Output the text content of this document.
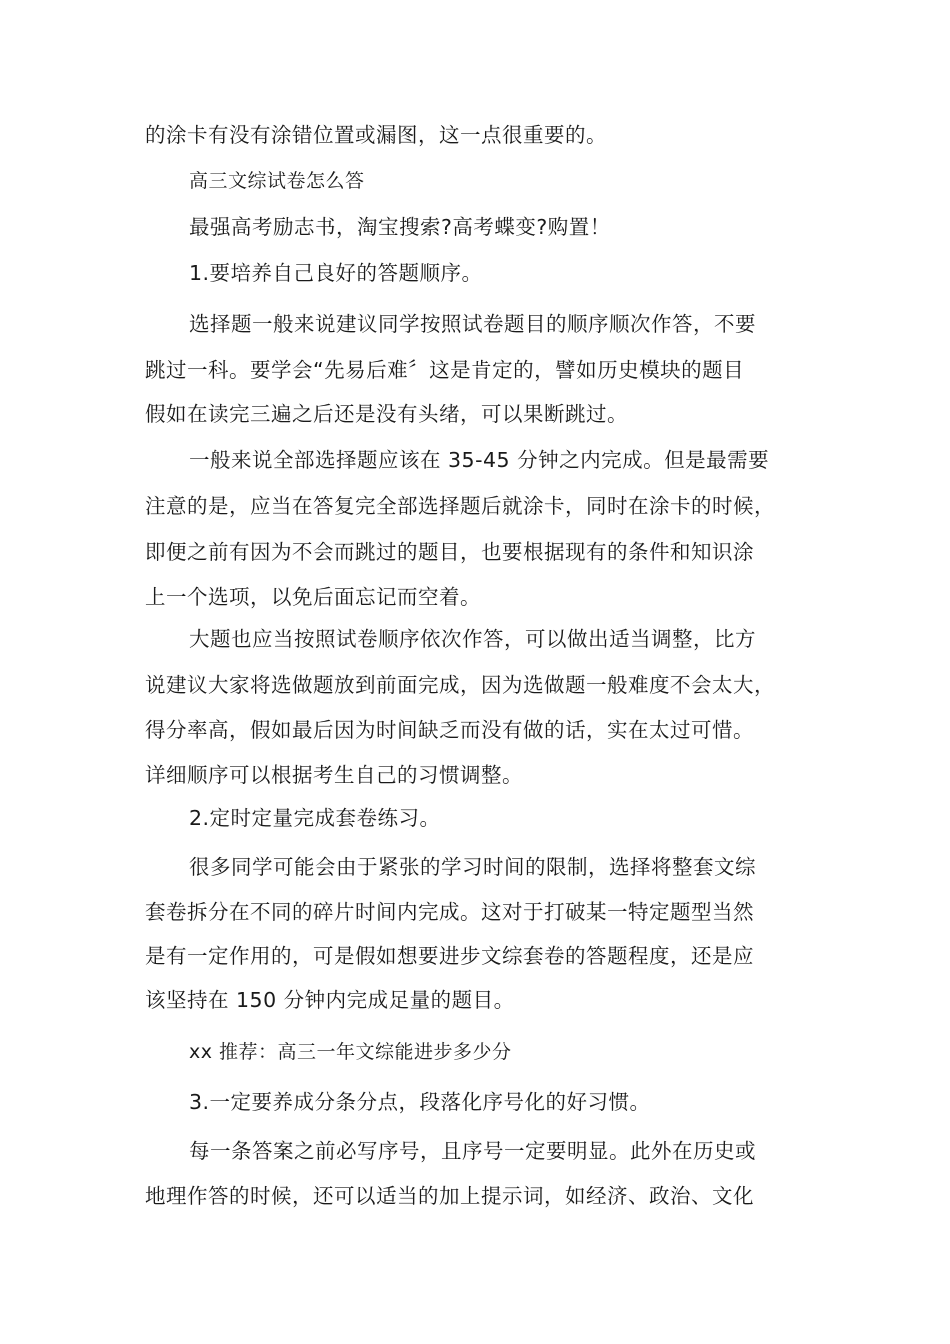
的涂卡有没有涂错位置或漏图，这一点很重要的。
高三文综试卷怎么答
最强高考励志书，淘宝搜索?高考蝶变?购置！
1.要培养自己良好的答题顺序。
选择题一般来说建议同学按照试卷题目的顺序顺次作答，不要
跳过一科。要学会“先易后难〞这是肯定的，譬如历史模块的题目
假如在读完三遍之后还是没有头绪，可以果断跳过。
一般来说全部选择题应该在 35-45 分钟之内完成。但是最需要
注意的是，应当在答复完全部选择题后就涂卡，同时在涂卡的时候，
即便之前有因为不会而跳过的题目，也要根据现有的条件和知识涂
上一个选项，以免后面忘记而空着。
大题也应当按照试卷顺序依次作答，可以做出适当调整，比方
说建议大家将选做题放到前面完成，因为选做题一般难度不会太大，
得分率高，假如最后因为时间缺乏而没有做的话，实在太过可惜。
详细顺序可以根据考生自己的习惯调整。
2.定时定量完成套卷练习。
很多同学可能会由于紧张的学习时间的限制，选择将整套文综
套卷拆分在不同的碎片时间内完成。这对于打破某一特定题型当然
是有一定作用的，可是假如想要进步文综套卷的答题程度，还是应
该坚持在 150 分钟内完成足量的题目。
xx 推荐：高三一年文综能进步多少分
3.一定要养成分条分点，段落化序号化的好习惯。
每一条答案之前必写序号，且序号一定要明显。此外在历史或
地理作答的时候，还可以适当的加上提示词，如经济、政治、文化
